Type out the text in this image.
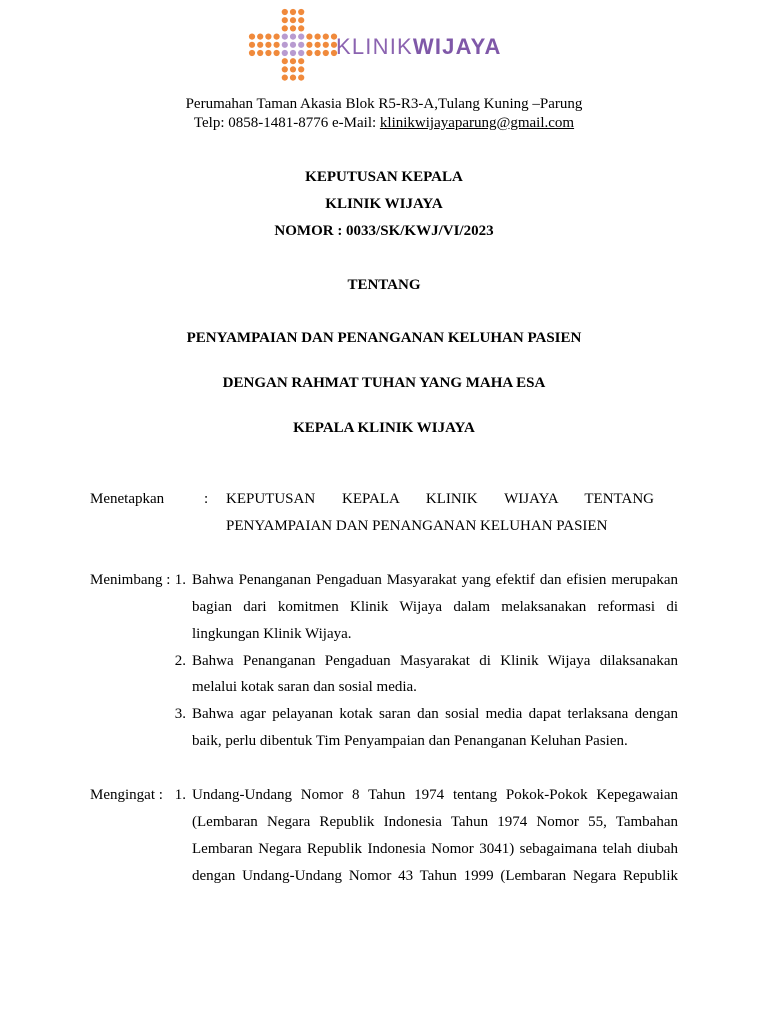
KLINIKWIJAYA
Perumahan Taman Akasia Blok R5-R3-A,Tulang Kuning –Parung
Telp: 0858-1481-8776 e-Mail: klinikwijayaparung@gmail.com
KEPUTUSAN KEPALA
KLINIK WIJAYA
NOMOR : 0033/SK/KWJ/VI/2023
TENTANG
PENYAMPAIAN DAN PENANGANAN KELUHAN PASIEN
DENGAN RAHMAT TUHAN YANG MAHA ESA
KEPALA KLINIK WIJAYA
Menetapkan	: KEPUTUSAN KEPALA KLINIK WIJAYA TENTANG
PENYAMPAIAN DAN PENANGANAN KELUHAN PASIEN
Menimbang : 1. Bahwa Penanganan Pengaduan Masyarakat yang efektif dan efisien merupakan
bagian dari komitmen Klinik Wijaya dalam melaksanakan reformasi di
lingkungan Klinik Wijaya.
2. Bahwa Penanganan Pengaduan Masyarakat di Klinik Wijaya dilaksanakan
melalui kotak saran dan sosial media.
3. Bahwa agar pelayanan kotak saran dan sosial media dapat terlaksana dengan
baik, perlu dibentuk Tim Penyampaian dan Penanganan Keluhan Pasien.
Mengingat : 1. Undang-Undang Nomor 8 Tahun 1974 tentang Pokok-Pokok Kepegawaian
(Lembaran Negara Republik Indonesia Tahun 1974 Nomor 55, Tambahan
Lembaran Negara Republik Indonesia Nomor 3041) sebagaimana telah diubah
dengan Undang-Undang Nomor 43 Tahun 1999 (Lembaran Negara Republik
